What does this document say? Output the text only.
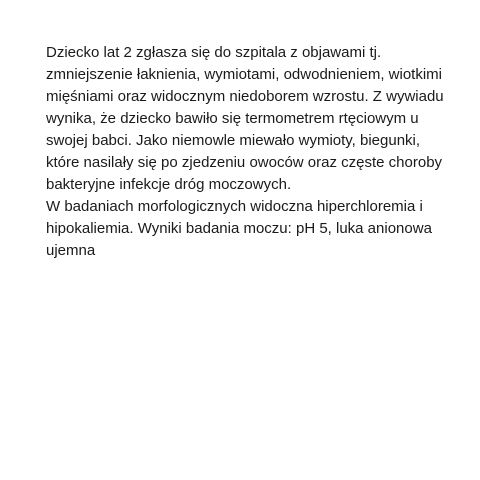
Dziecko lat 2 zgłasza się do szpitala z objawami tj. zmniejszenie łaknienia, wymiotami, odwodnieniem, wiotkimi mięśniami oraz widocznym niedoborem wzrostu. Z wywiadu wynika, że dziecko bawiło się termometrem rtęciowym u swojej babci. Jako niemowle miewało wymioty, biegunki, które nasilały się po zjedzeniu owoców oraz częste choroby bakteryjne infekcje dróg moczowych.

W badaniach morfologicznych widoczna hiperchloremia i hipokaliemia. Wyniki badania moczu: pH 5, luka anionowa ujemna
